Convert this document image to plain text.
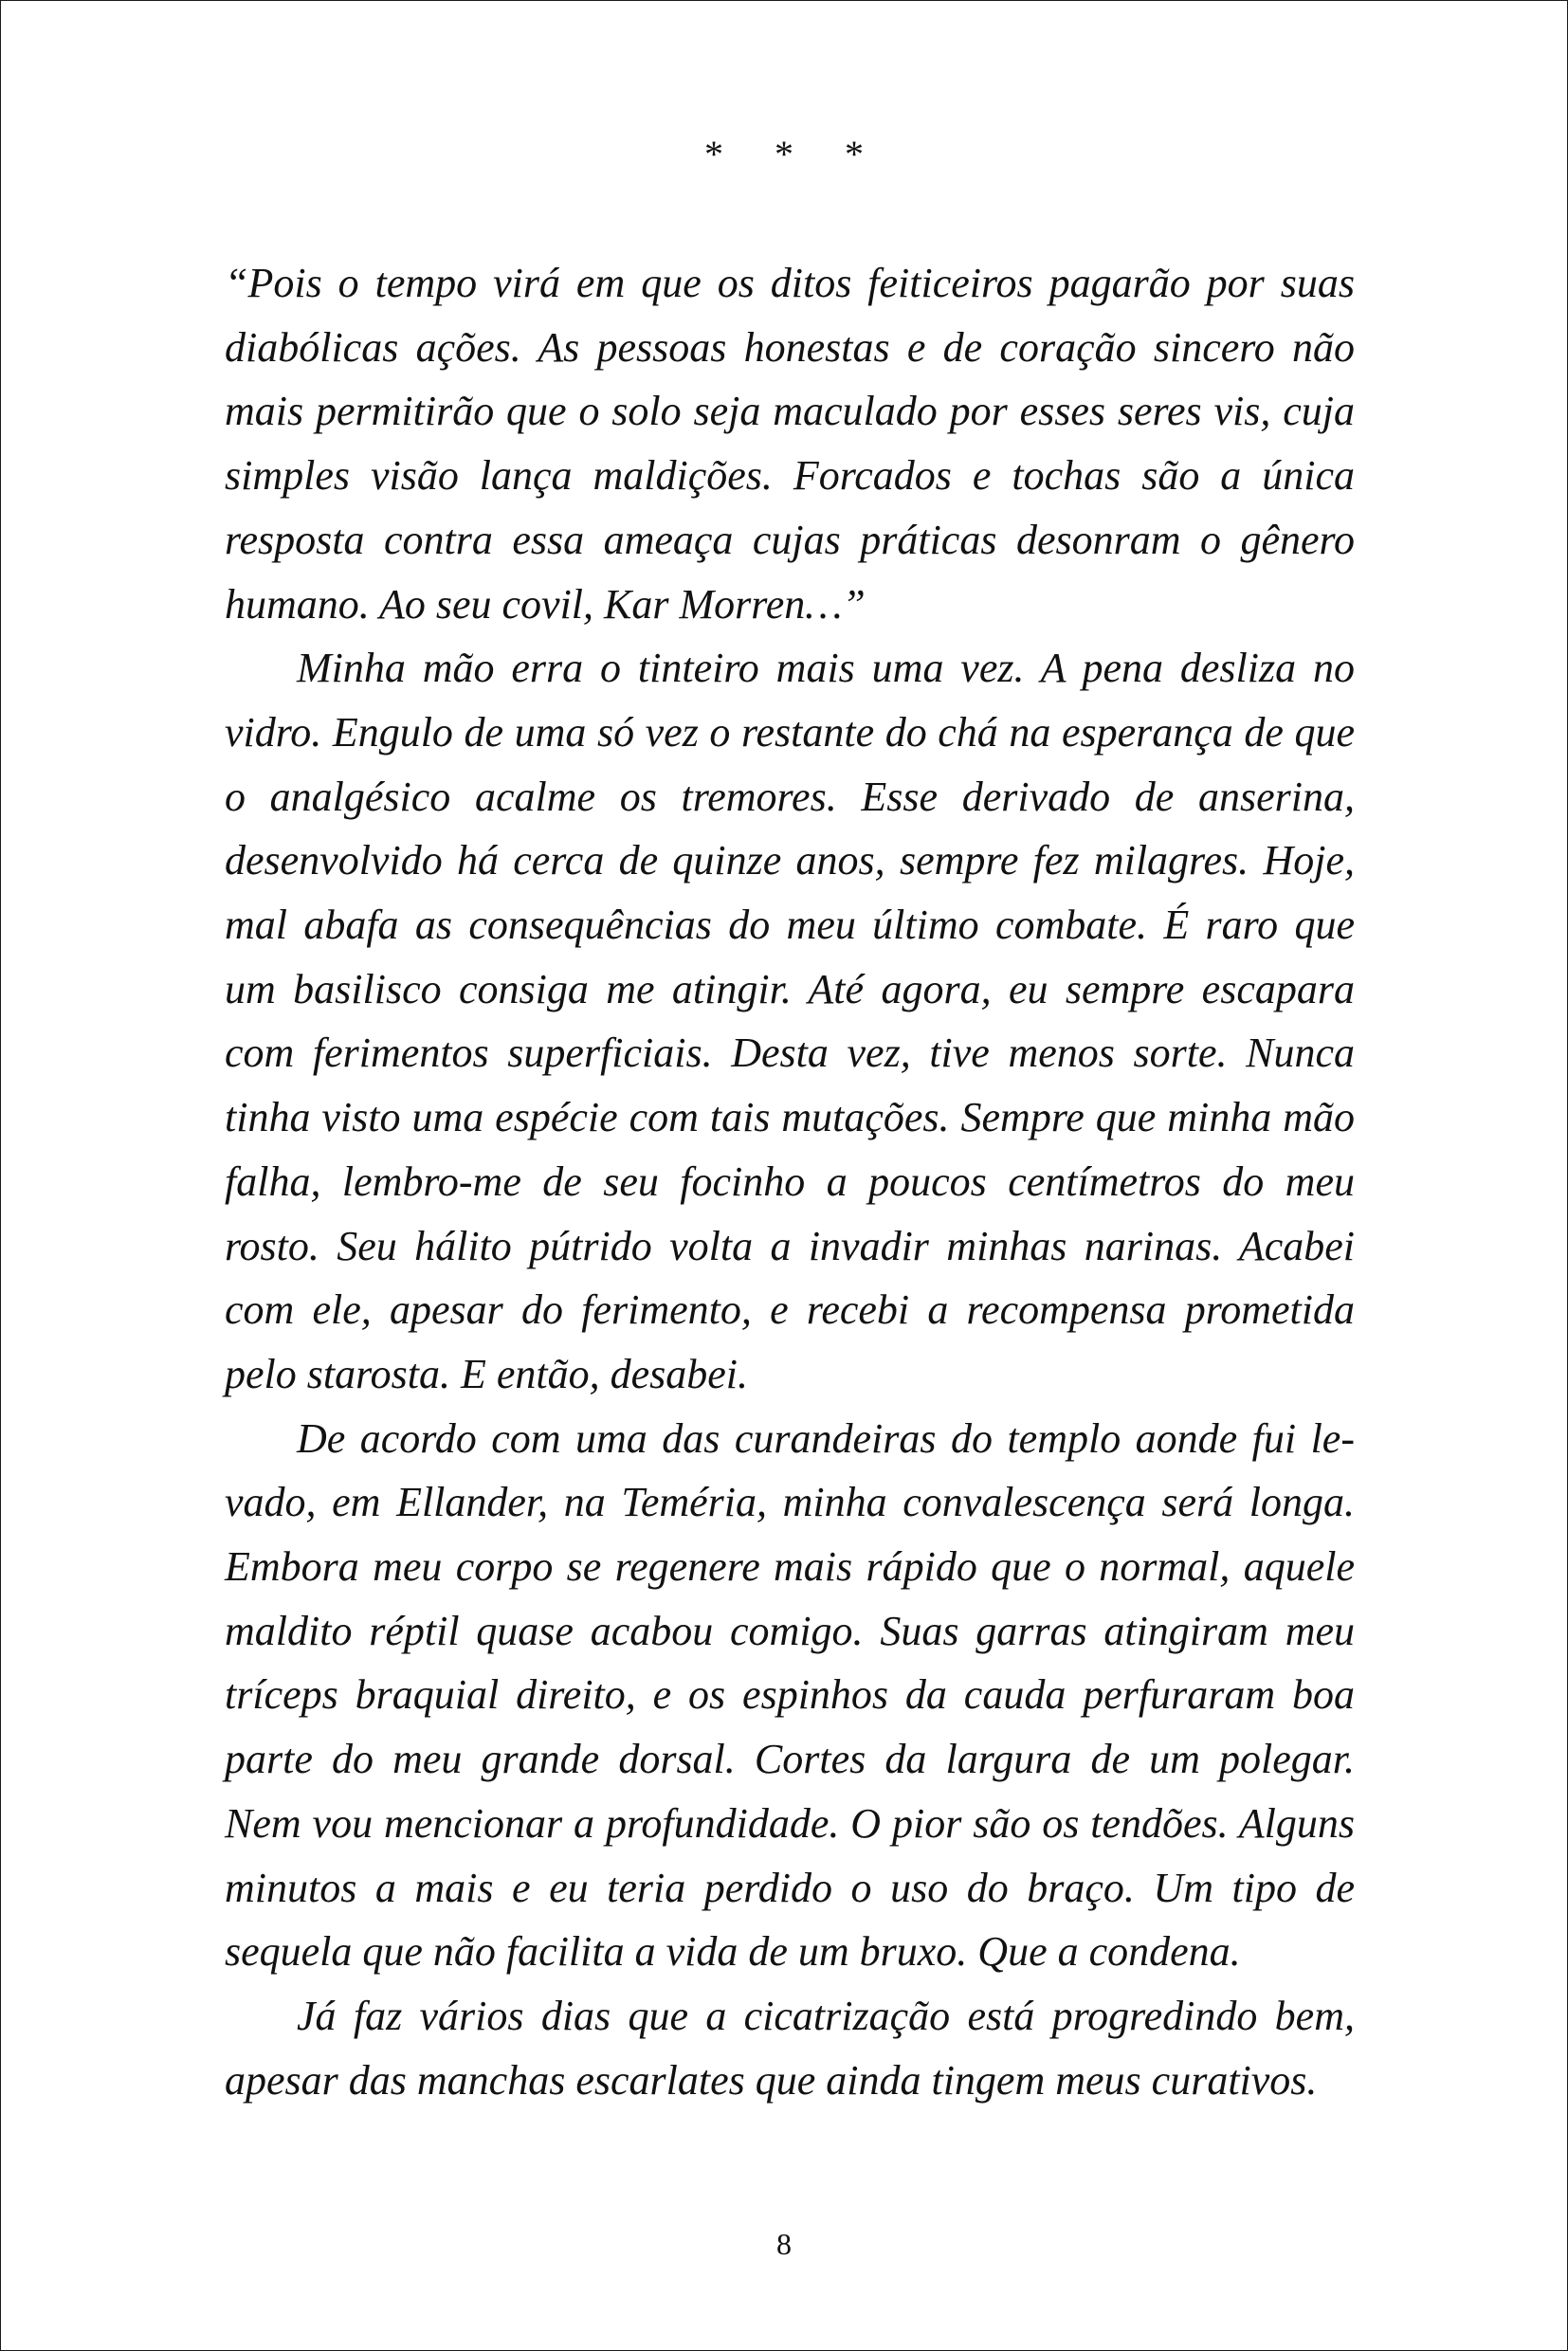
* * *

“Pois o tempo virá em que os ditos feiticeiros pagarão por suas diabólicas ações. As pessoas honestas e de coração sincero não mais permitirão que o solo seja maculado por esses seres vis, cuja simples visão lança maldições. Forcados e tochas são a única resposta contra essa ameaça cujas práticas desonram o gênero humano. Ao seu covil, Kar Morren…”

Minha mão erra o tinteiro mais uma vez. A pena desliza no vidro. Engulo de uma só vez o restante do chá na esperança de que o analgésico acalme os tremores. Esse derivado de anserina, desenvolvido há cerca de quinze anos, sempre fez milagres. Hoje, mal abafa as consequências do meu último combate. É raro que um basilisco consiga me atingir. Até agora, eu sempre escapara com ferimentos superficiais. Desta vez, tive menos sorte. Nunca tinha visto uma espécie com tais mutações. Sempre que minha mão falha, lembro-me de seu focinho a poucos centímetros do meu rosto. Seu hálito pútrido volta a invadir minhas narinas. Acabei com ele, apesar do ferimento, e recebi a recompensa prometida pelo starosta. E então, desabei.

De acordo com uma das curandeiras do templo aonde fui levado, em Ellander, na Teméria, minha convalescença será longa. Embora meu corpo se regenere mais rápido que o normal, aquele maldito réptil quase acabou comigo. Suas garras atingiram meu tríceps braquial direito, e os espinhos da cauda perfuraram boa parte do meu grande dorsal. Cortes da largura de um polegar. Nem vou mencionar a profundidade. O pior são os tendões. Alguns minutos a mais e eu teria perdido o uso do braço. Um tipo de sequela que não facilita a vida de um bruxo. Que a condena.

Já faz vários dias que a cicatrização está progredindo bem, apesar das manchas escarlates que ainda tingem meus curativos.

8
